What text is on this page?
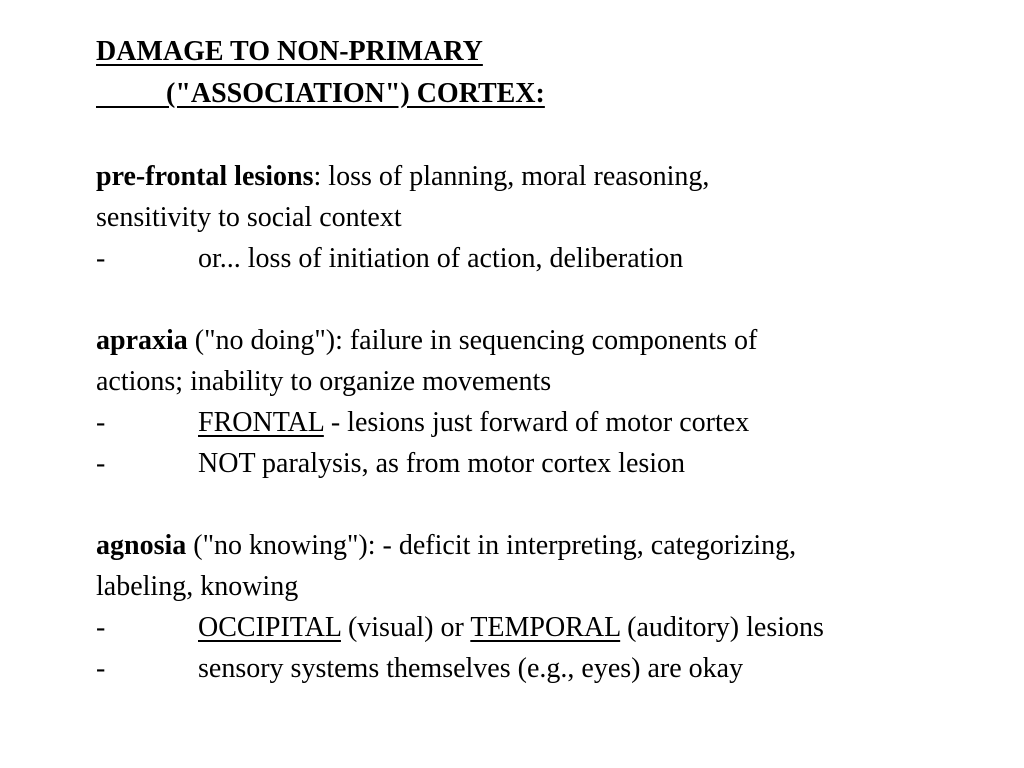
DAMAGE TO NON-PRIMARY
("ASSOCIATION") CORTEX:
pre-frontal lesions: loss of planning, moral reasoning,
sensitivity to social context
-	or... loss of initiation of action, deliberation
apraxia ("no doing"): failure in sequencing components of
actions; inability to organize movements
-	FRONTAL - lesions just forward of motor cortex
-	NOT paralysis, as from motor cortex lesion
agnosia ("no knowing"): - deficit in interpreting, categorizing,
labeling, knowing
-	OCCIPITAL (visual) or TEMPORAL (auditory) lesions
-	sensory systems themselves (e.g., eyes) are okay
